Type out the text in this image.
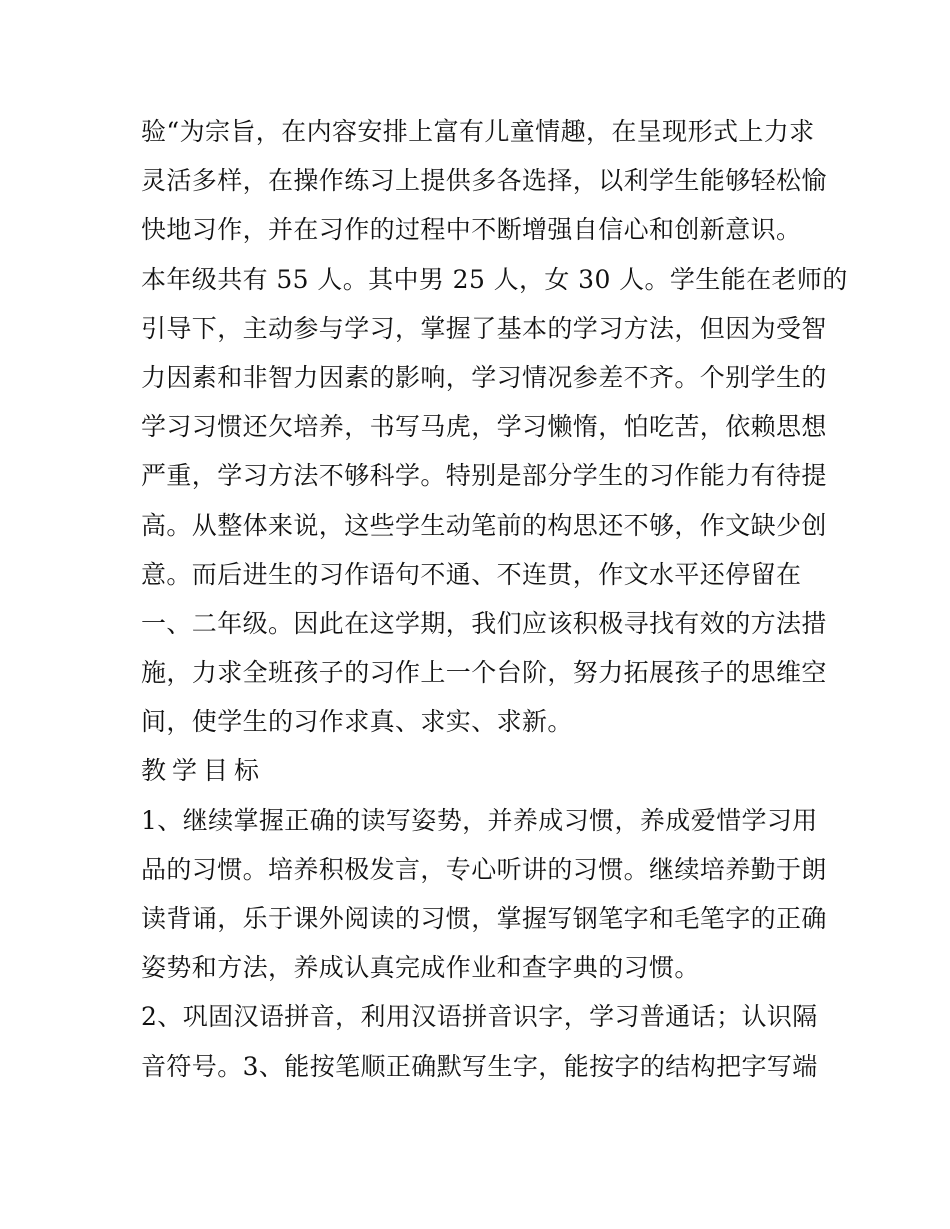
验“为宗旨，在内容安排上富有儿童情趣，在呈现形式上力求
灵活多样，在操作练习上提供多各选择，以利学生能够轻松愉
快地习作，并在习作的过程中不断增强自信心和创新意识。
本年级共有 55 人。其中男 25 人，女 30 人。学生能在老师的
引导下，主动参与学习，掌握了基本的学习方法，但因为受智
力因素和非智力因素的影响，学习情况参差不齐。个别学生的
学习习惯还欠培养，书写马虎，学习懒惰，怕吃苦，依赖思想
严重，学习方法不够科学。特别是部分学生的习作能力有待提
高。从整体来说，这些学生动笔前的构思还不够，作文缺少创
意。而后进生的习作语句不通、不连贯，作文水平还停留在
一、二年级。因此在这学期，我们应该积极寻找有效的方法措
施，力求全班孩子的习作上一个台阶，努力拓展孩子的思维空
间，使学生的习作求真、求实、求新。
教学目标
1、继续掌握正确的读写姿势，并养成习惯，养成爱惜学习用
品的习惯。培养积极发言，专心听讲的习惯。继续培养勤于朗
读背诵，乐于课外阅读的习惯，掌握写钢笔字和毛笔字的正确
姿势和方法，养成认真完成作业和查字典的习惯。
2、巩固汉语拼音，利用汉语拼音识字，学习普通话；认识隔
音符号。3、能按笔顺正确默写生字，能按字的结构把字写端
